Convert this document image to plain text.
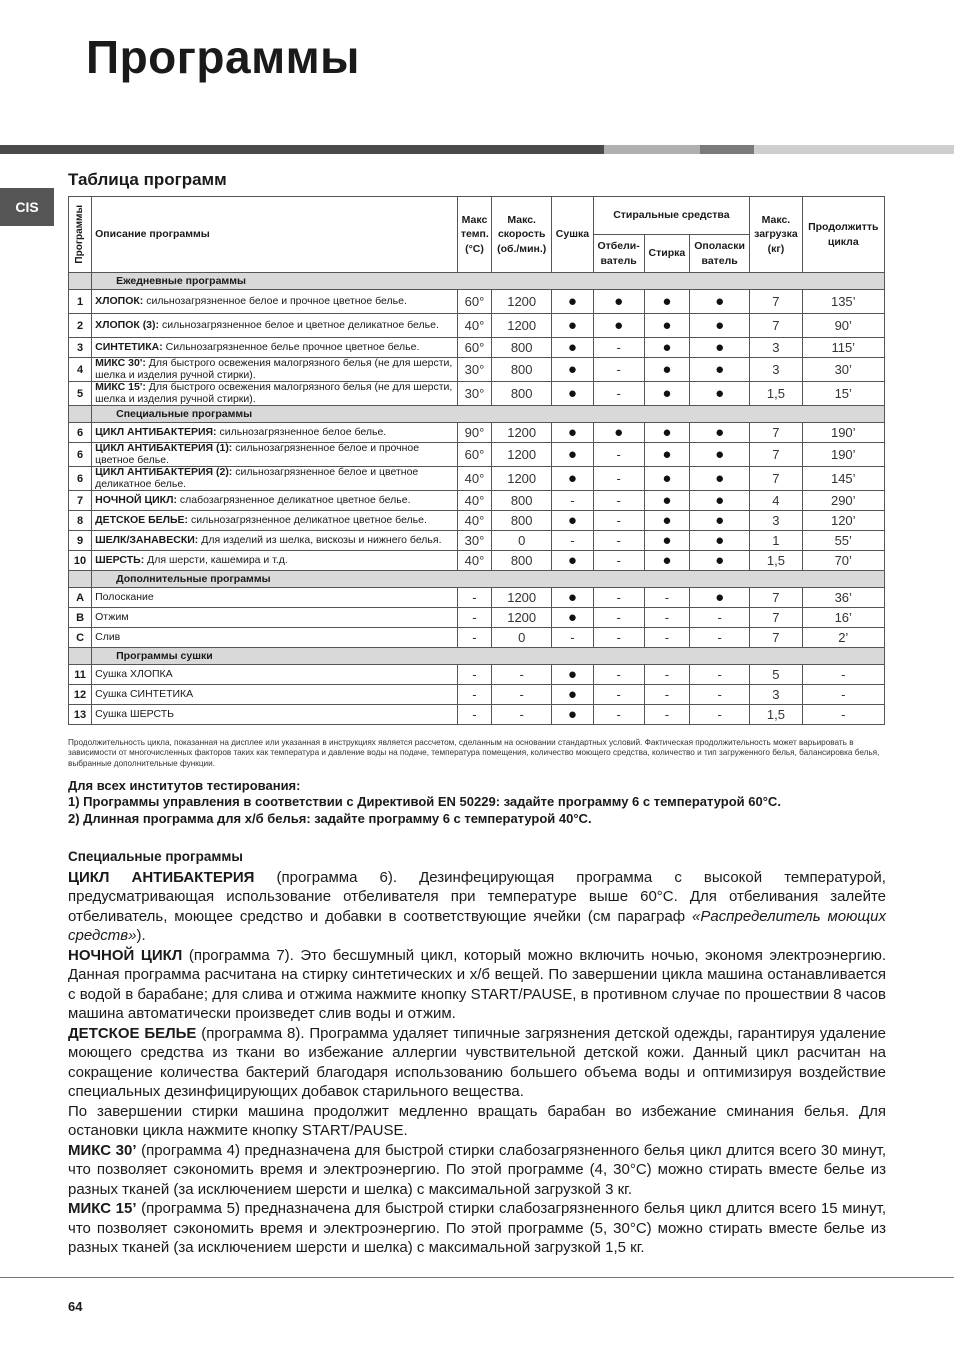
Программы
CIS
Таблица программ
Программы	Описание программы	Макс темп. (°C)	Макс. скорость (об./мин.)	Сушка	Стиральные средства			Макс. загрузка (кг)	Продолжитть цикла
					Отбели-ватель	Стирка	Ополаски ватель		
	Ежедневные программы								
1	ХЛОПОК: сильнозагрязненное белое и прочное цветное белье.	60°	1200	●	●	●	●	7	135’
2	ХЛОПОК (3): сильнозагрязненное белое и цветное деликатное белье.	40°	1200	●	●	●	●	7	90’
3	СИНТЕТИКА: Сильнозагрязненное белье прочное цветное белье.	60°	800	●	-	●	●	3	115’
4	МИКС 30': Для быстрого освежения малогрязного белья (не для шерсти, шелка и изделия ручной стирки).	30°	800	●	-	●	●	3	30’
5	МИКС 15': Для быстрого освежения малогрязного белья (не для шерсти, шелка и изделия ручной стирки).	30°	800	●	-	●	●	1,5	15’
	Специальные программы								
6	ЦИКЛ АНТИБАКТЕРИЯ: сильнозагрязненное белое белье.	90°	1200	●	●	●	●	7	190’
6	ЦИКЛ АНТИБАКТЕРИЯ (1): сильнозагрязненное белое и прочное цветное белье.	60°	1200	●	-	●	●	7	190’
6	ЦИКЛ АНТИБАКТЕРИЯ (2): сильнозагрязненное белое и цветное деликатное белье.	40°	1200	●	-	●	●	7	145’
7	НОЧНОЙ ЦИКЛ: слабозагрязненное деликатное цветное белье.	40°	800	-	-	●	●	4	290’
8	ДЕТСКОЕ БЕЛЬЕ: сильнозагрязненное деликатное цветное белье.	40°	800	●	-	●	●	3	120’
9	ШЕЛК/ЗАНАВЕСКИ: Для изделий из шелка, вискозы и нижнего белья.	30°	0	-	-	●	●	1	55’
10	ШЕРСТЬ: Для шерсти, кашемира и т.д.	40°	800	●	-	●	●	1,5	70’
	Дополнительные программы								
A	Полоскание	-	1200	●	-	-	●	7	36’
B	Отжим	-	1200	●	-	-	-	7	16’
C	Слив	-	0	-	-	-	-	7	2’
	Программы сушки								
11	Сушка ХЛОПКА	-	-	●	-	-	-	5	-
12	Сушка СИНТЕТИКА	-	-	●	-	-	-	3	-
13	Сушка ШЕРСТЬ	-	-	●	-	-	-	1,5	-
Продолжительность цикла, показанная на дисплее или указанная в инструкциях является рассчетом, сделанным на основании стандартных условий. Фактическая продолжительность может варьировать в зависимости от многочисленных факторов таких как температура и давление воды на подаче, температура помещения, количество моющего средства, количество и тип загруженного белья, балансировка белья, выбранные дополнительные функции.
Для всех институтов тестирования:
1) Программы управления в соответствии с Директивой EN 50229: задайте программу 6 с температурой 60°C.
2) Длинная программа для х/б белья: задайте программу 6 с температурой 40°C.
Специальные программы

ЦИКЛ АНТИБАКТЕРИЯ (программа 6). Дезинфецирующая программа с высокой температурой, предусматривающая использование отбеливателя при температуре выше 60°C. Для отбеливания залейте отбеливатель, моющее средство и добавки в соответствующие ячейки (см параграф «Распределитель моющих средств»).

НОЧНОЙ ЦИКЛ (программа 7). Это бесшумный цикл, который можно включить ночью, экономя электроэнергию. Данная программа расчитана на стирку синтетических и х/б вещей. По завершении цикла машина останавливается с водой в барабане; для слива и отжима нажмите кнопку START/PAUSE, в противном случае по прошествии 8 часов машина автоматически произведет слив воды и отжим.

ДЕТСКОЕ БЕЛЬЕ (программа 8). Программа удаляет типичные загрязнения детской одежды, гарантируя удаление моющего средства из ткани во избежание аллергии чувствительной детской кожи. Данный цикл расчитан на сокращение количества бактерий благодаря использованию большего объема воды и оптимизируя воздействие специальных дезинфицирующих добавок старильного вещества.

По завершении стирки машина продолжит медленно вращать барабан во избежание сминания белья. Для остановки цикла нажмите кнопку START/PAUSE.

МИКС 30’ (программа 4) предназначена для быстрой стирки слабозагрязненного белья цикл длится всего 30 минут, что позволяет сэкономить время и электроэнергию. По этой программе (4, 30°C) можно стирать вместе белье из разных тканей (за исключением шерсти и шелка) с максимальной загрузкой 3 кг.

МИКС 15’ (программа 5) предназначена для быстрой стирки слабозагрязненного белья цикл длится всего 15 минут, что позволяет сэкономить время и электроэнергию. По этой программе (5, 30°C) можно стирать вместе белье из разных тканей (за исключением шерсти и шелка) с максимальной загрузкой 1,5 кг.

64
